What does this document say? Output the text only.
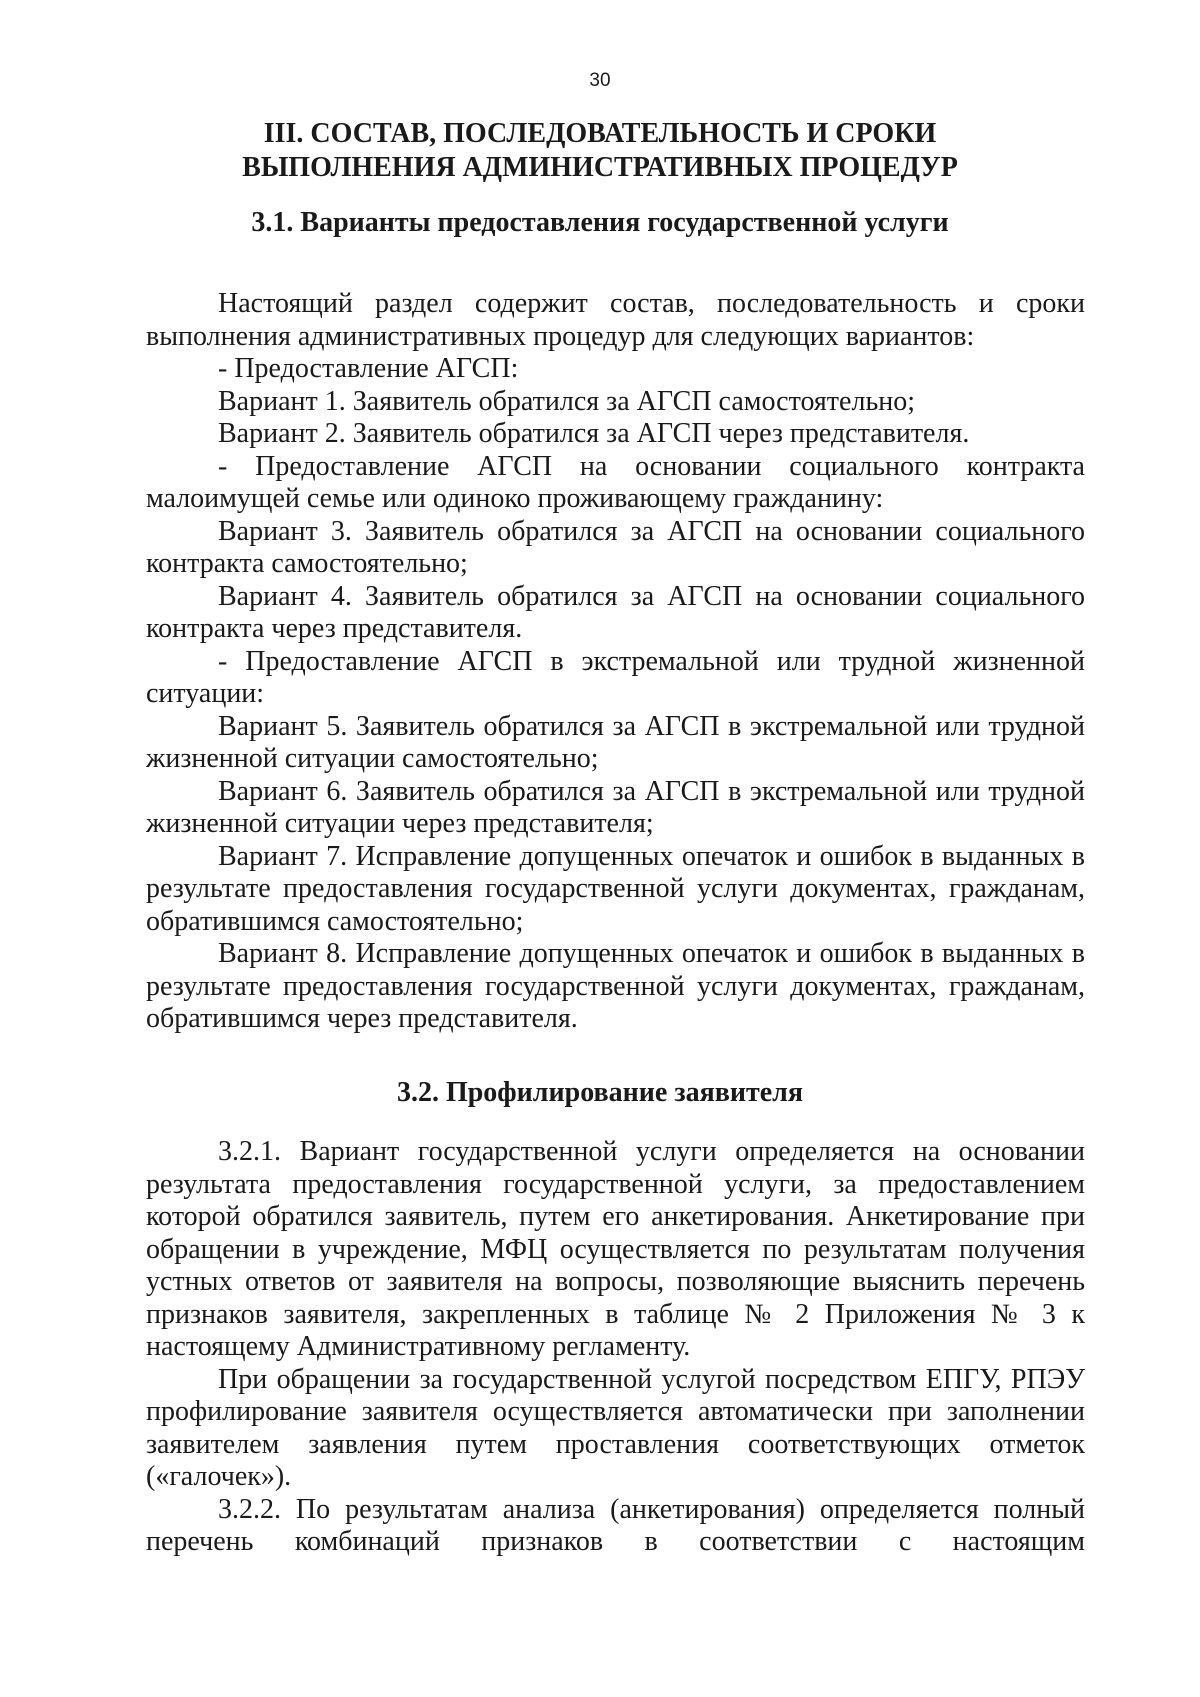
30
III. СОСТАВ, ПОСЛЕДОВАТЕЛЬНОСТЬ И СРОКИ
ВЫПОЛНЕНИЯ АДМИНИСТРАТИВНЫХ ПРОЦЕДУР
3.1. Варианты предоставления государственной услуги

Настоящий раздел содержит состав, последовательность и сроки выполнения административных процедур для следующих вариантов:

- Предоставление АГСП:

Вариант 1. Заявитель обратился за АГСП самостоятельно;

Вариант 2. Заявитель обратился за АГСП через представителя.

- Предоставление АГСП на основании социального контракта малоимущей семье или одиноко проживающему гражданину:

Вариант 3. Заявитель обратился за АГСП на основании социального контракта самостоятельно;

Вариант 4. Заявитель обратился за АГСП на основании социального контракта через представителя.

- Предоставление АГСП в экстремальной или трудной жизненной ситуации:

Вариант 5. Заявитель обратился за АГСП в экстремальной или трудной жизненной ситуации самостоятельно;

Вариант 6. Заявитель обратился за АГСП в экстремальной или трудной жизненной ситуации через представителя;

Вариант 7. Исправление допущенных опечаток и ошибок в выданных в результате предоставления государственной услуги документах, гражданам, обратившимся самостоятельно;

Вариант 8. Исправление допущенных опечаток и ошибок в выданных в результате предоставления государственной услуги документах, гражданам, обратившимся через представителя.

3.2. Профилирование заявителя

3.2.1. Вариант государственной услуги определяется на основании результата предоставления государственной услуги, за предоставлением которой обратился заявитель, путем его анкетирования. Анкетирование при обращении в учреждение, МФЦ осуществляется по результатам получения устных ответов от заявителя на вопросы, позволяющие выяснить перечень признаков заявителя, закрепленных в таблице № 2 Приложения № 3 к настоящему Административному регламенту.

При обращении за государственной услугой посредством ЕПГУ, РПЭУ профилирование заявителя осуществляется автоматически при заполнении заявителем заявления путем проставления соответствующих отметок («галочек»).

3.2.2. По результатам анализа (анкетирования) определяется полный перечень комбинаций признаков в соответствии с настоящим
